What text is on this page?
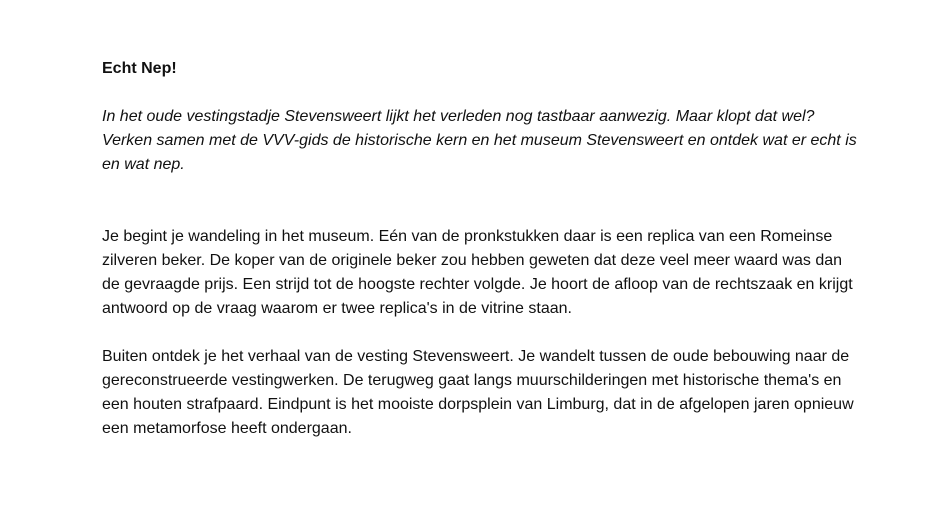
Echt Nep!

In het oude vestingstadje Stevensweert lijkt het verleden nog tastbaar aanwezig. Maar klopt dat wel? Verken samen met de VVV-gids de historische kern en het museum Stevensweert en ontdek wat er echt is en wat nep.

Je begint je wandeling in het museum. Eén van de pronkstukken daar is een replica van een Romeinse zilveren beker. De koper van de originele beker zou hebben geweten dat deze veel meer waard was dan de gevraagde prijs. Een strijd tot de hoogste rechter volgde. Je hoort de afloop van de rechtszaak en krijgt antwoord op de vraag waarom er twee replica's in de vitrine staan.

Buiten ontdek je het verhaal van de vesting Stevensweert. Je wandelt tussen de oude bebouwing naar de gereconstrueerde vestingwerken. De terugweg gaat langs muurschilderingen met historische thema's en een houten strafpaard. Eindpunt is het mooiste dorpsplein van Limburg, dat in de afgelopen jaren opnieuw een metamorfose heeft ondergaan.
